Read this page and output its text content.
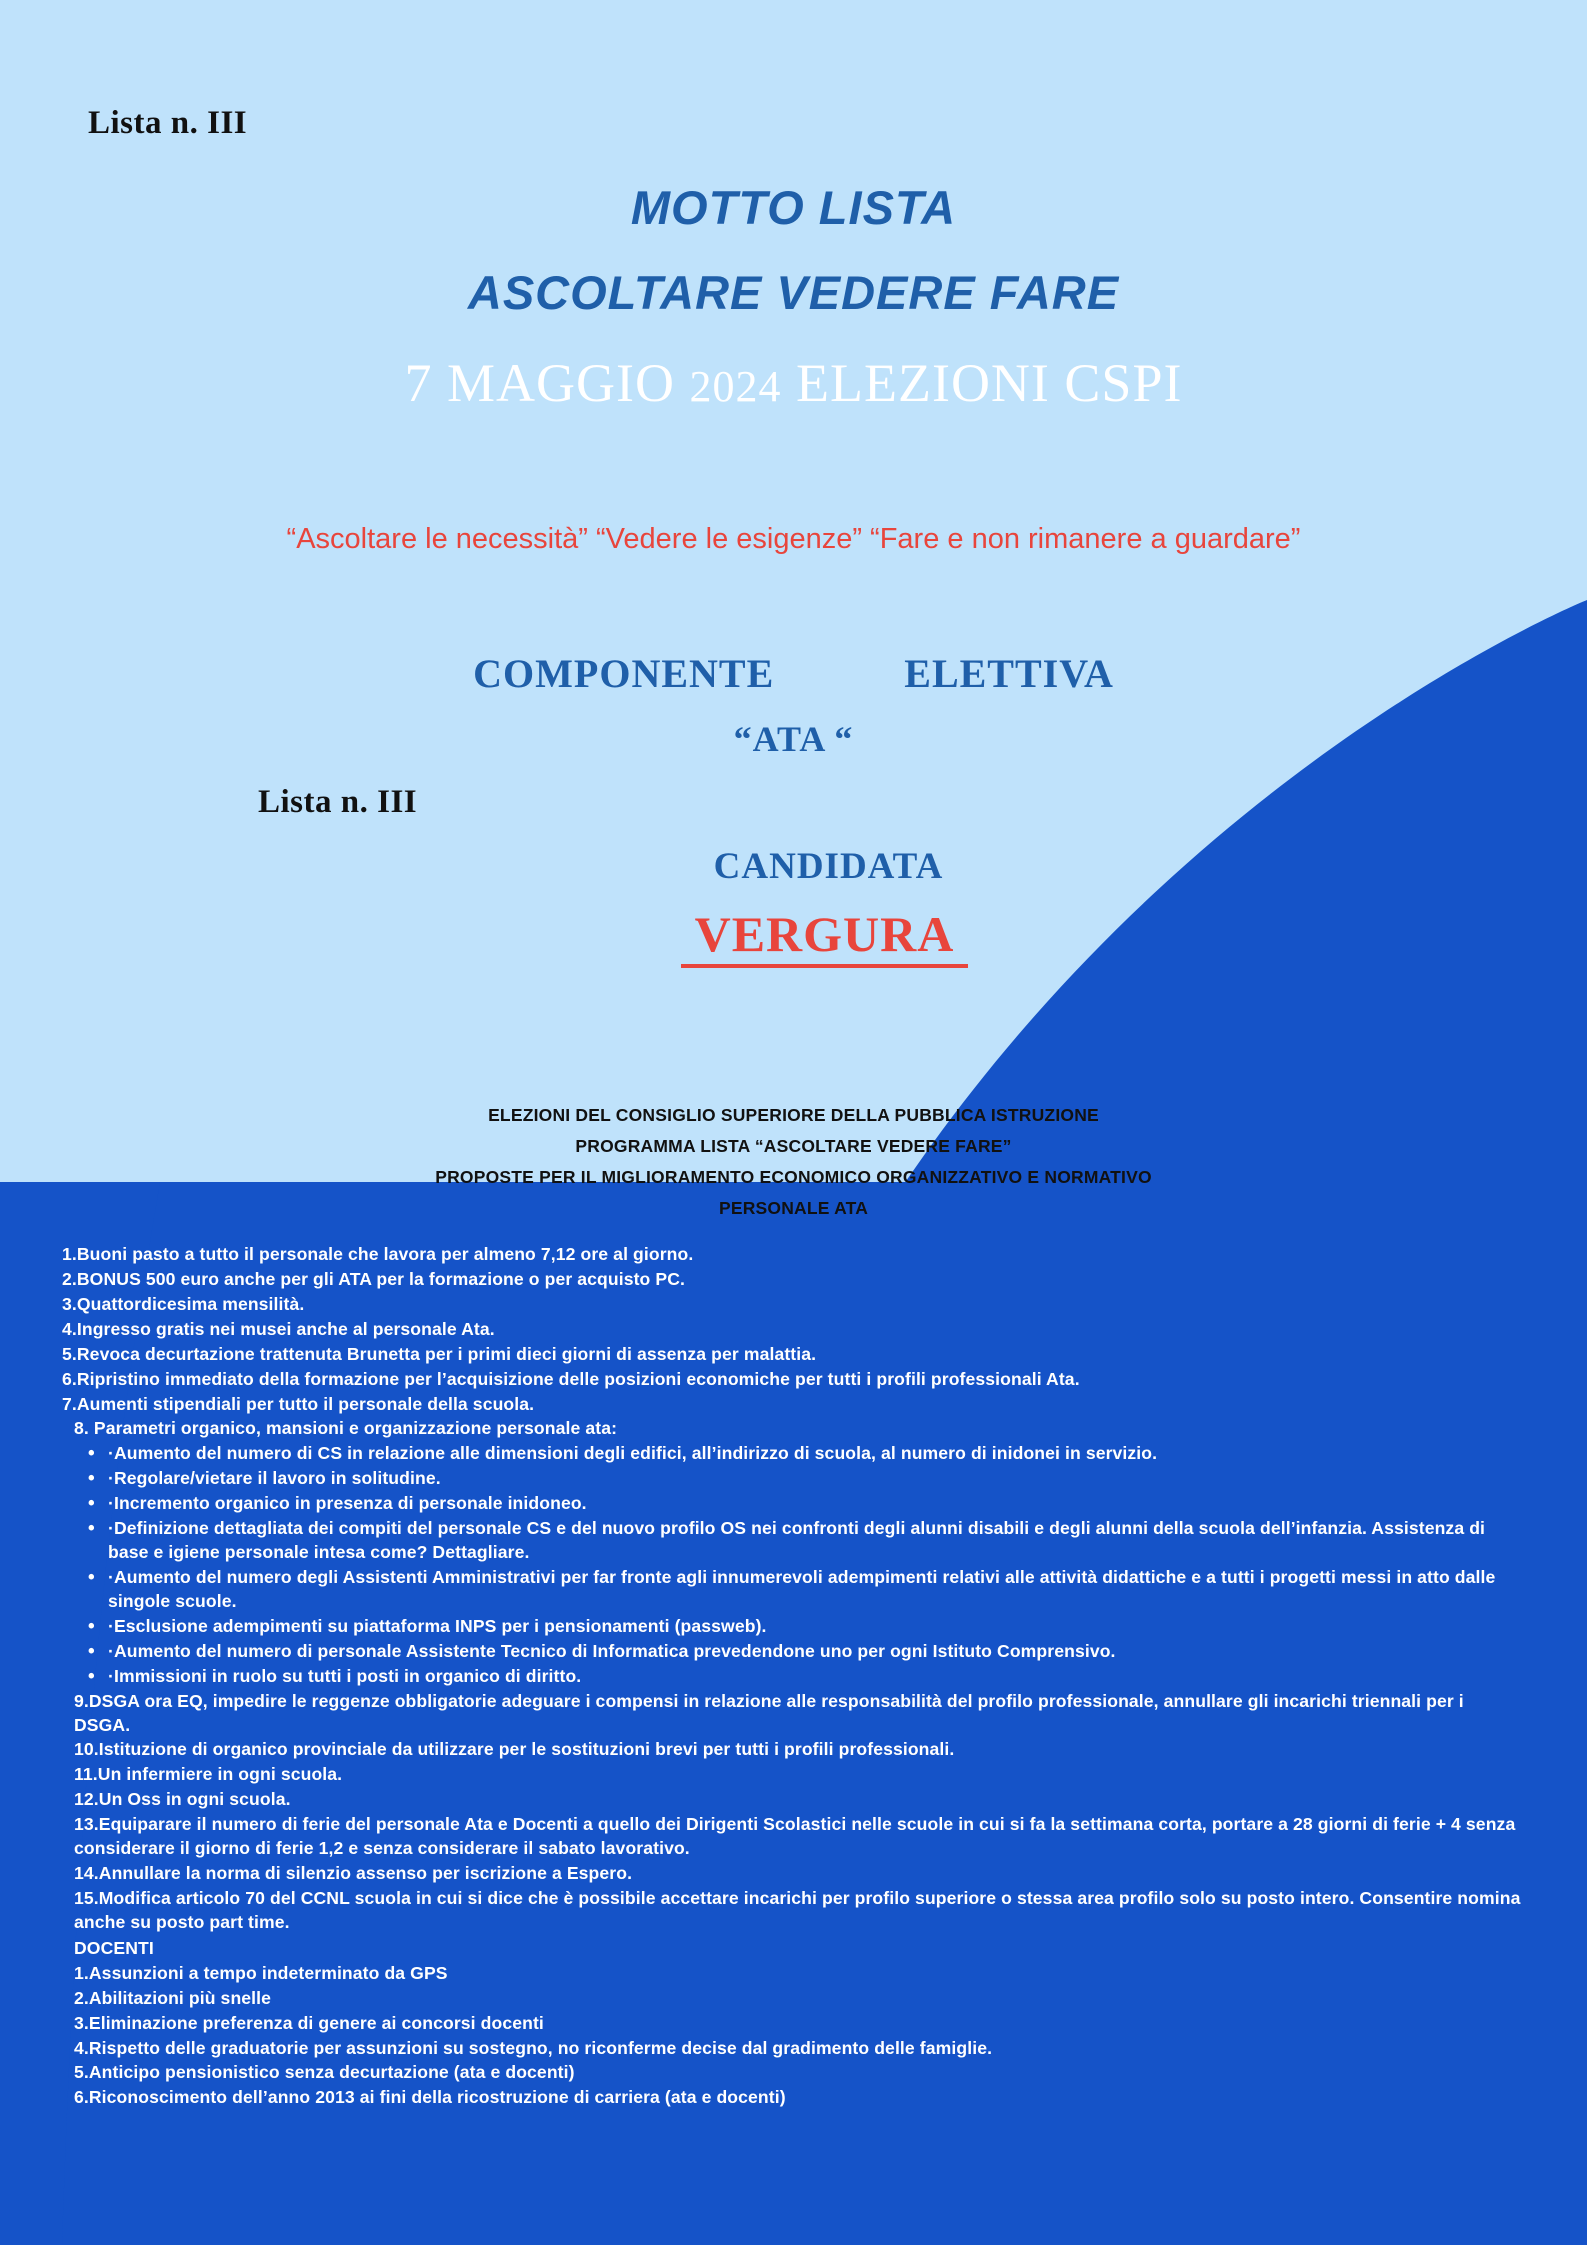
Lista n. III
MOTTO LISTA
ASCOLTARE VEDERE FARE
7 MAGGIO 2024 ELEZIONI CSPI
“Ascoltare le necessità” “Vedere le esigenze” “Fare e non rimanere a guardare”
COMPONENTE	ELETTIVA
“ATA “
Lista n. III
CANDIDATA
VERGURA
ELEZIONI DEL CONSIGLIO SUPERIORE DELLA PUBBLICA ISTRUZIONE
PROGRAMMA LISTA “ASCOLTARE VEDERE FARE”
PROPOSTE PER IL MIGLIORAMENTO ECONOMICO ORGANIZZATIVO E NORMATIVO
PERSONALE ATA
1.Buoni pasto a tutto il personale che lavora per almeno 7,12 ore al giorno.
2.BONUS 500 euro anche per gli ATA per la formazione o per acquisto PC.
3.Quattordicesima mensilità.
4.Ingresso gratis nei musei anche al personale Ata.
5.Revoca decurtazione trattenuta Brunetta per i primi dieci giorni di assenza per malattia.
6.Ripristino immediato della formazione per l’acquisizione delle posizioni economiche per tutti i profili professionali Ata.
7.Aumenti stipendiali per tutto il personale della scuola.
8. Parametri organico, mansioni e organizzazione personale ata:
• ·Aumento del numero di CS in relazione alle dimensioni degli edifici, all’indirizzo di scuola, al numero di inidonei in servizio.
• ·Regolare/vietare il lavoro in solitudine.
• ·Incremento organico in presenza di personale inidoneo.
• ·Definizione dettagliata dei compiti del personale CS e del nuovo profilo OS nei confronti degli alunni disabili e degli alunni della scuola dell’infanzia. Assistenza di base e igiene personale intesa come? Dettagliare.
• ·Aumento del numero degli Assistenti Amministrativi per far fronte agli innumerevoli adempimenti relativi alle attività didattiche e a tutti i progetti messi in atto dalle singole scuole.
• ·Esclusione adempimenti su piattaforma INPS per i pensionamenti (passweb).
• ·Aumento del numero di personale Assistente Tecnico di Informatica prevedendone uno per ogni Istituto Comprensivo.
• ·Immissioni in ruolo su tutti i posti in organico di diritto.
9.DSGA ora EQ, impedire le reggenze obbligatorie adeguare i compensi in relazione alle responsabilità del profilo professionale, annullare gli incarichi triennali per i DSGA.
10.Istituzione di organico provinciale da utilizzare per le sostituzioni brevi per tutti i profili professionali.
11.Un infermiere in ogni scuola.
12.Un Oss in ogni scuola.
13.Equiparare il numero di ferie del personale Ata e Docenti a quello dei Dirigenti Scolastici nelle scuole in cui si fa la settimana corta, portare a 28 giorni di ferie + 4 senza considerare il giorno di ferie 1,2 e senza considerare il sabato lavorativo.
14.Annullare la norma di silenzio assenso per iscrizione a Espero.
15.Modifica articolo 70 del CCNL scuola in cui si dice che è possibile accettare incarichi per profilo superiore o stessa area profilo solo su posto intero. Consentire nomina anche su posto part time.
DOCENTI
1.Assunzioni a tempo indeterminato da GPS
2.Abilitazioni più snelle
3.Eliminazione preferenza di genere ai concorsi docenti
4.Rispetto delle graduatorie per assunzioni su sostegno, no riconferme decise dal gradimento delle famiglie.
5.Anticipo pensionistico senza decurtazione (ata e docenti)
6.Riconoscimento dell’anno 2013 ai fini della ricostruzione di carriera (ata e docenti)
